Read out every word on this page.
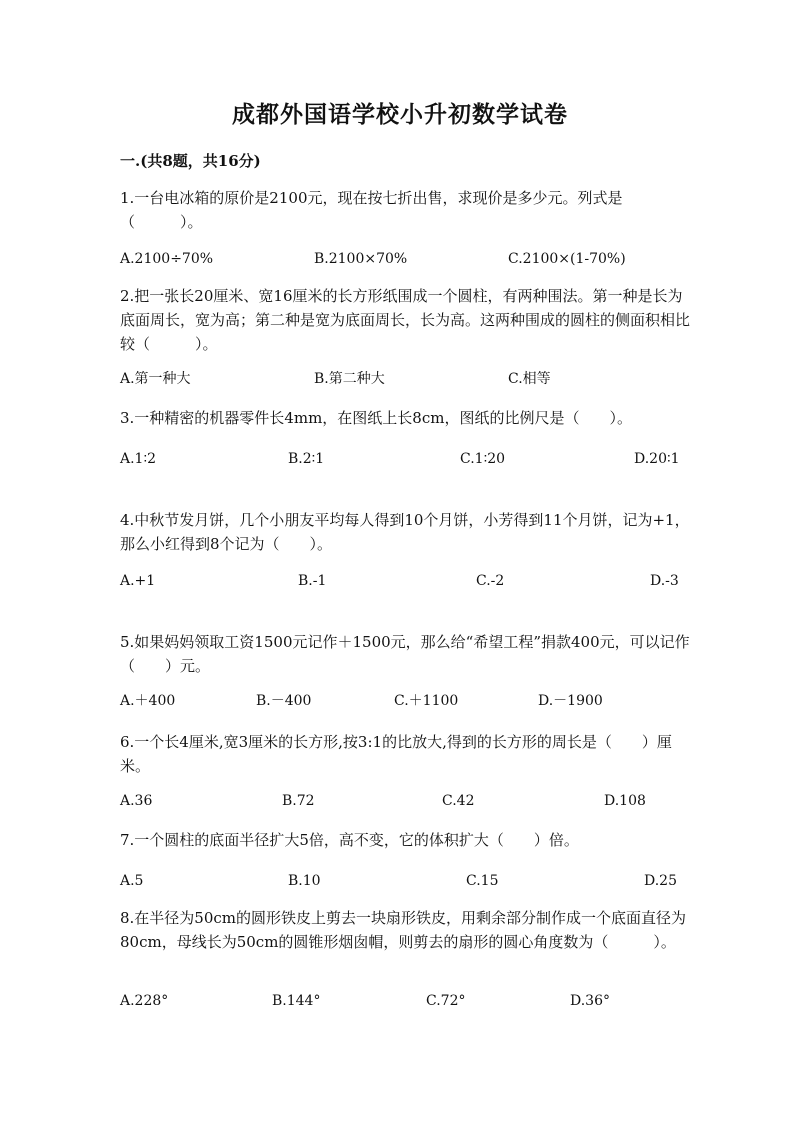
成都外国语学校小升初数学试卷
一.(共8题，共16分)
1.一台电冰箱的原价是2100元，现在按七折出售，求现价是多少元。列式是（　　　）。
A.2100÷70%	B.2100×70%	C.2100×(1-70%)
2.把一张长20厘米、宽16厘米的长方形纸围成一个圆柱，有两种围法。第一种是长为底面周长，宽为高；第二种是宽为底面周长，长为高。这两种围成的圆柱的侧面积相比较（　　　）。
A.第一种大	B.第二种大	C.相等
3.一种精密的机器零件长4mm，在图纸上长8cm，图纸的比例尺是（　　）。
A.1∶2	B.2∶1	C.1∶20	D.20∶1
4.中秋节发月饼，几个小朋友平均每人得到10个月饼，小芳得到11个月饼，记为+1，那么小红得到8个记为（　　）。
A.+1	B.-1	C.-2	D.-3
5.如果妈妈领取工资1500元记作＋1500元，那么给“希望工程”捐款400元，可以记作（　　）元。
A.＋400	B.－400	C.＋1100	D.－1900
6.一个长4厘米,宽3厘米的长方形,按3:1的比放大,得到的长方形的周长是（　　）厘米。
A.36	B.72	C.42	D.108
7.一个圆柱的底面半径扩大5倍，高不变，它的体积扩大（　　）倍。
A.5	B.10	C.15	D.25
8.在半径为50cm的圆形铁皮上剪去一块扇形铁皮，用剩余部分制作成一个底面直径为80cm，母线长为50cm的圆锥形烟囱帽，则剪去的扇形的圆心角度数为（　　　）。
A.228°	B.144°	C.72°	D.36°
